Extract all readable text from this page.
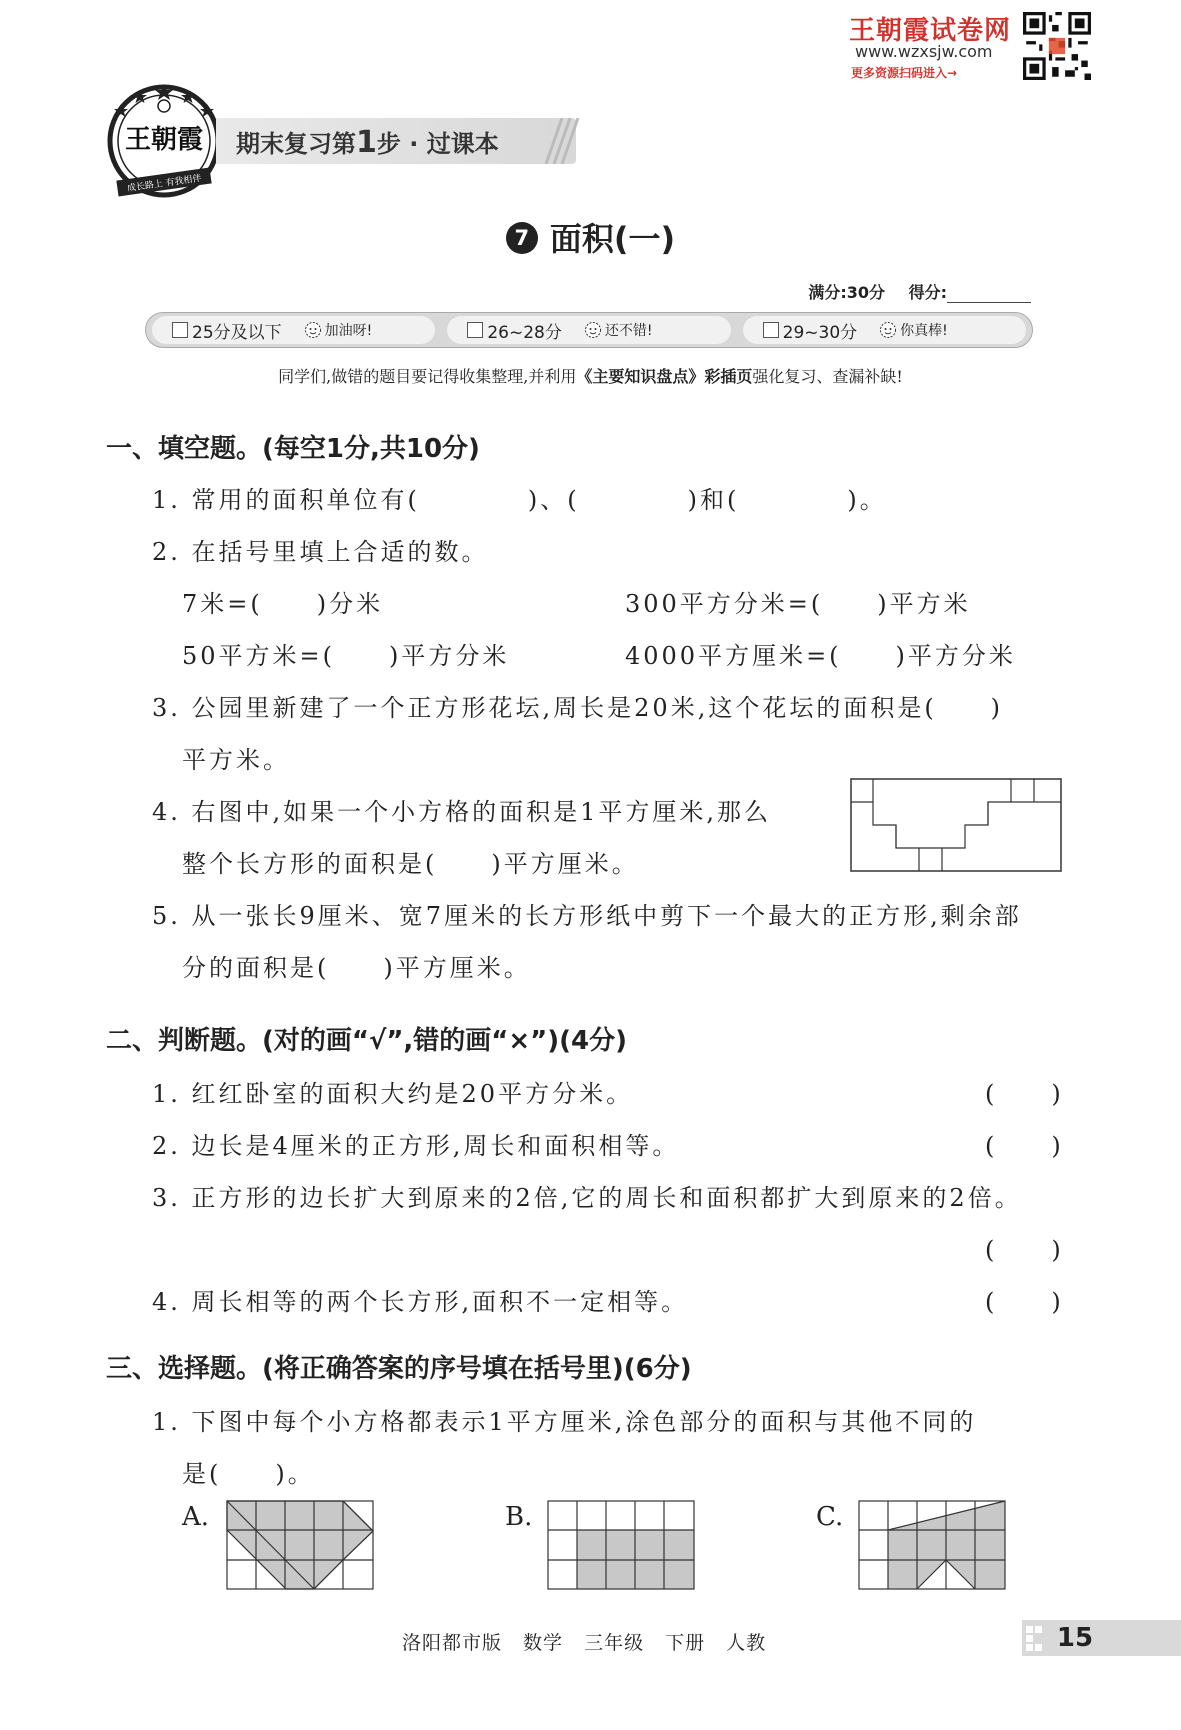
王朝霞试卷网
www.wzxsjw.com
更多资源扫码进入→
王朝霞
成长路上 有我相伴
期末复习第1步 · 过课本
7 面积(一)
满分:30分 得分:
25分及以下	加油呀!	26~28分	还不错!	29~30分	你真棒!
同学们,做错的题目要记得收集整理,并利用《主要知识盘点》彩插页强化复习、查漏补缺!
一、填空题。(每空1分,共10分)
1. 常用的面积单位有(　　　　)、(　　　　)和(　　　　)。
2. 在括号里填上合适的数。
7米=(　　)分米	300平方分米=(　　)平方米
50平方米=(　　)平方分米	4000平方厘米=(　　)平方分米
3. 公园里新建了一个正方形花坛,周长是20米,这个花坛的面积是(　　)
平方米。
4. 右图中,如果一个小方格的面积是1平方厘米,那么
整个长方形的面积是(　　)平方厘米。
5. 从一张长9厘米、宽7厘米的长方形纸中剪下一个最大的正方形,剩余部
分的面积是(　　)平方厘米。
二、判断题。(对的画“√”,错的画“×”)(4分)
1. 红红卧室的面积大约是20平方分米。	(　　)
2. 边长是4厘米的正方形,周长和面积相等。	(　　)
3. 正方形的边长扩大到原来的2倍,它的周长和面积都扩大到原来的2倍。
(　　)
4. 周长相等的两个长方形,面积不一定相等。	(　　)
三、选择题。(将正确答案的序号填在括号里)(6分)
1. 下图中每个小方格都表示1平方厘米,涂色部分的面积与其他不同的
是(　　)。
A.	B.	C.
洛阳都市版 数学 三年级 下册 人教	15
